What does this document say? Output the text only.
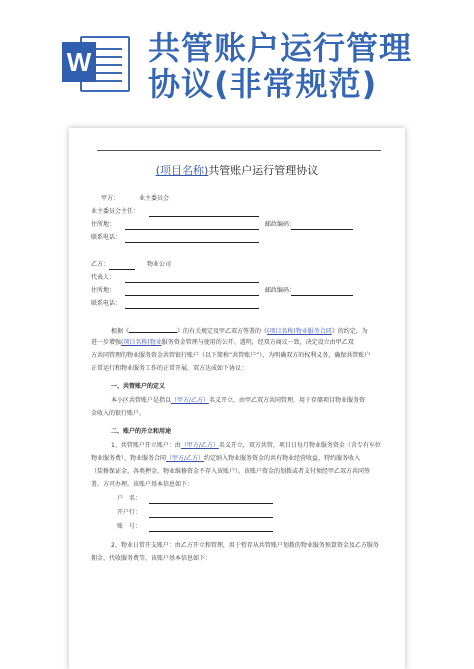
W 共管账户运行管理
协议(非常规范)
(项目名称)共管账户运行管理协议
甲方：	业主委员会
业主委员会主任：
住所地：	邮政编码：
联系电话：
乙方：	物业公司
代表人：
住所地：	邮政编码：
联系电话：
根据《	》的有关规定及甲乙双方签署的《(项目名称)物业服务合同》的约定，为
进一步增强(项目名称)物业服务资金管理与使用的公开、透明，经双方商议一致，决定设立由甲乙双
方共同管理的物业服务资金共管银行账户（以下简称“共管账户”），为明确双方的权利义务，确保共管账户
正常运行和物业服务工作的正常开展，双方达成如下协议：
一、共管账户的定义
本小区共管账户是指以（甲方/乙方）名义开立，由甲乙双方共同管理，用于存储项目物业服务资
金收入的银行账户。
二、账户的开立和用途
1、共管账户开立账户：由（甲方/乙方）名义开立，双方共管，项目日每月物业服务资金（含专有车位
物业服务费）、物业服务合同（甲方/乙方）约定纳入物业服务资金的共有物业经营收益、特约服务收入
（装修保证金、各类押金、物业维修资金不存入该账户）。该账户资金的划拨或者支付须经甲乙双方共同签
署，方可办理。该账户基本信息如下：
户　名：
开户行：
账　号：
2、物业日常开支账户：由乙方开立和管理，用于暂存从共管账户划拨的物业服务预算资金及乙方服务
佣金、代收服务费等，该账户基本信息如下：
